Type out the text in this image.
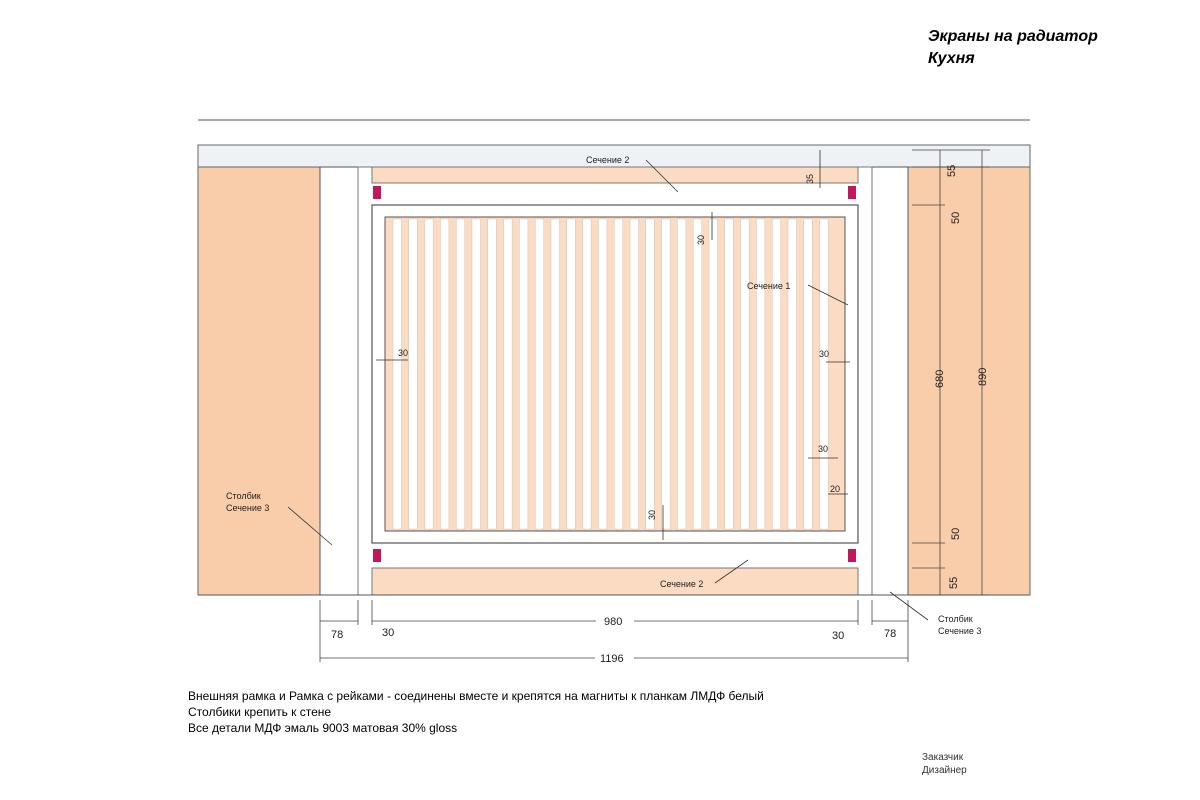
Экраны на радиатор
Кухня
78	30
980
30	78
1196
Сечение 2
Сечение 1
Сечение 2
Столбик
Сечение 3
Столбик
Сечение 3
30	30
30
20
30
30
35
55
50
680	890
50
55
Внешняя рамка и Рамка с рейками - соединены вместе и крепятся на магниты к планкам ЛМДФ белый
Столбики крепить к стене
Все детали МДФ эмаль 9003 матовая 30% gloss
Заказчик
Дизайнер
